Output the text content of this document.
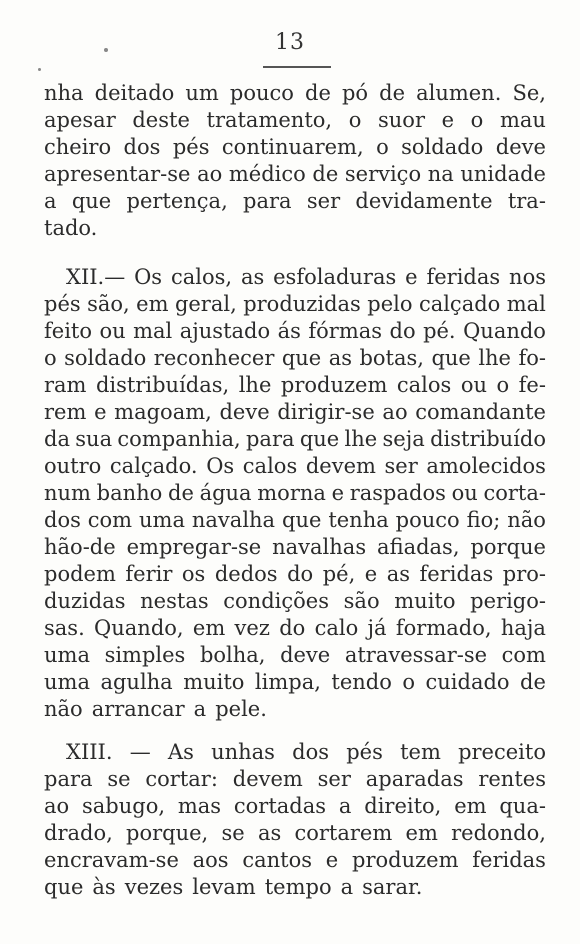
13
nha deitado um pouco de pó de alumen. Se,
apesar deste tratamento, o suor e o mau
cheiro dos pés continuarem, o soldado deve
apresentar-se ao médico de serviço na unidade
a que pertença, para ser devidamente tra-
tado.
XII.— Os calos, as esfoladuras e feridas nos
pés são, em geral, produzidas pelo calçado mal
feito ou mal ajustado ás fórmas do pé. Quando
o soldado reconhecer que as botas, que lhe fo-
ram distribuídas, lhe produzem calos ou o fe-
rem e magoam, deve dirigir-se ao comandante
da sua companhia, para que lhe seja distribuído
outro calçado. Os calos devem ser amolecidos
num banho de água morna e raspados ou corta-
dos com uma navalha que tenha pouco fio; não
hão-de empregar-se navalhas afiadas, porque
podem ferir os dedos do pé, e as feridas pro-
duzidas nestas condições são muito perigo-
sas. Quando, em vez do calo já formado, haja
uma simples bolha, deve atravessar-se com
uma agulha muito limpa, tendo o cuidado de
não arrancar a pele.
XIII. — As unhas dos pés tem preceito
para se cortar: devem ser aparadas rentes
ao sabugo, mas cortadas a direito, em qua-
drado, porque, se as cortarem em redondo,
encravam-se aos cantos e produzem feridas
que às vezes levam tempo a sarar.
